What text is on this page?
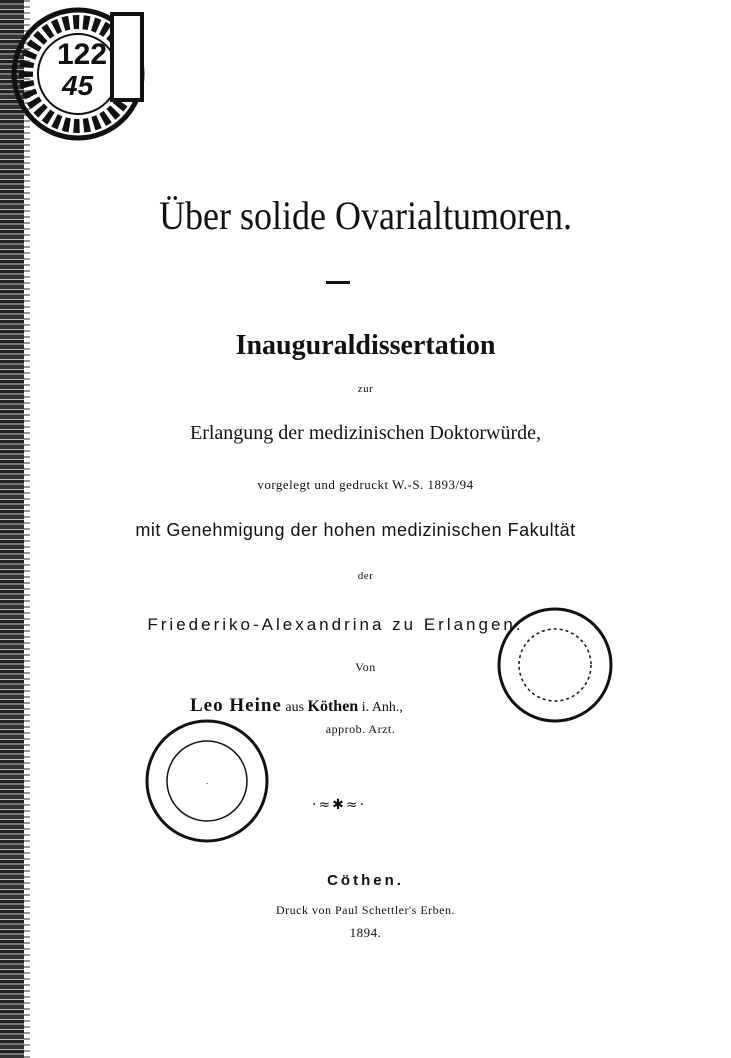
122
45
Über solide Ovarialtumoren.
Inauguraldissertation
zur
Erlangung der medizinischen Doktorwürde,
vorgelegt und gedruckt W.-S. 1893/94
mit Genehmigung der hohen medizinischen Fakultät
der
Friederiko-Alexandrina zu Erlangen.
Von
Leo Heine aus Köthen i. Anh.,
approb. Arzt.
·≈✱≈·
·
Cöthen.
Druck von Paul Schettler's Erben.
1894.
